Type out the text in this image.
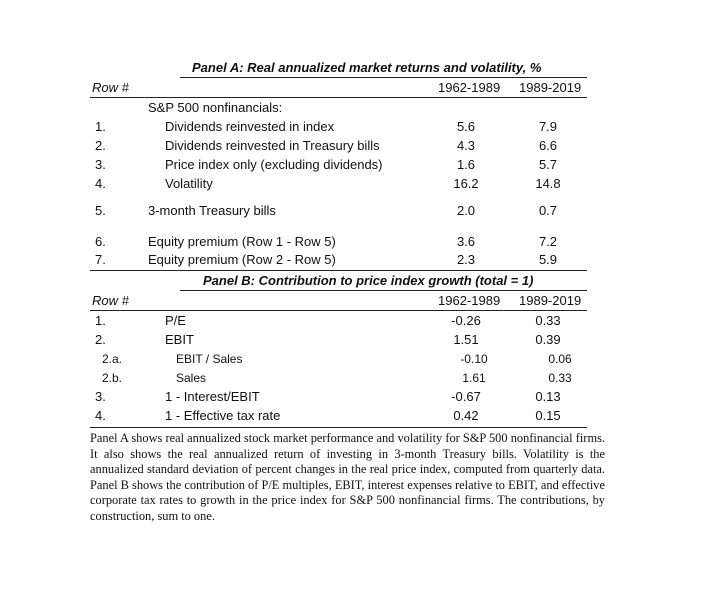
Panel A: Real annualized market returns and volatility, %
Row #	1962-1989 1989-2019
S&P 500 nonfinancials:
1.	Dividends reinvested in index	5.6	7.9
2.	Dividends reinvested in Treasury bills	4.3	6.6
3.	Price index only (excluding dividends)	1.6	5.7
4.	Volatility	16.2	14.8
5.	3-month Treasury bills	2.0	0.7
6.	Equity premium (Row 1 - Row 5)	3.6	7.2
7.	Equity premium (Row 2 - Row 5)	2.3	5.9
Panel B: Contribution to price index growth (total = 1)
Row #	1962-1989 1989-2019
1.	P/E	-0.26	0.33
2.	EBIT	1.51	0.39
2.a.	EBIT / Sales	-0.10	0.06
2.b.	Sales	1.61	0.33
3.	1 - Interest/EBIT	-0.67	0.13
4.	1 - Effective tax rate	0.42	0.15
Panel A shows real annualized stock market performance and volatility for S&P 500 nonfinancial firms. It also shows the real annualized return of investing in 3-month Treasury bills. Volatility is the annualized standard deviation of percent changes in the real price index, computed from quarterly data. Panel B shows the contribution of P/E multiples, EBIT, interest expenses relative to EBIT, and effective corporate tax rates to growth in the price index for S&P 500 nonfinancial firms. The contributions, by construction, sum to one.
